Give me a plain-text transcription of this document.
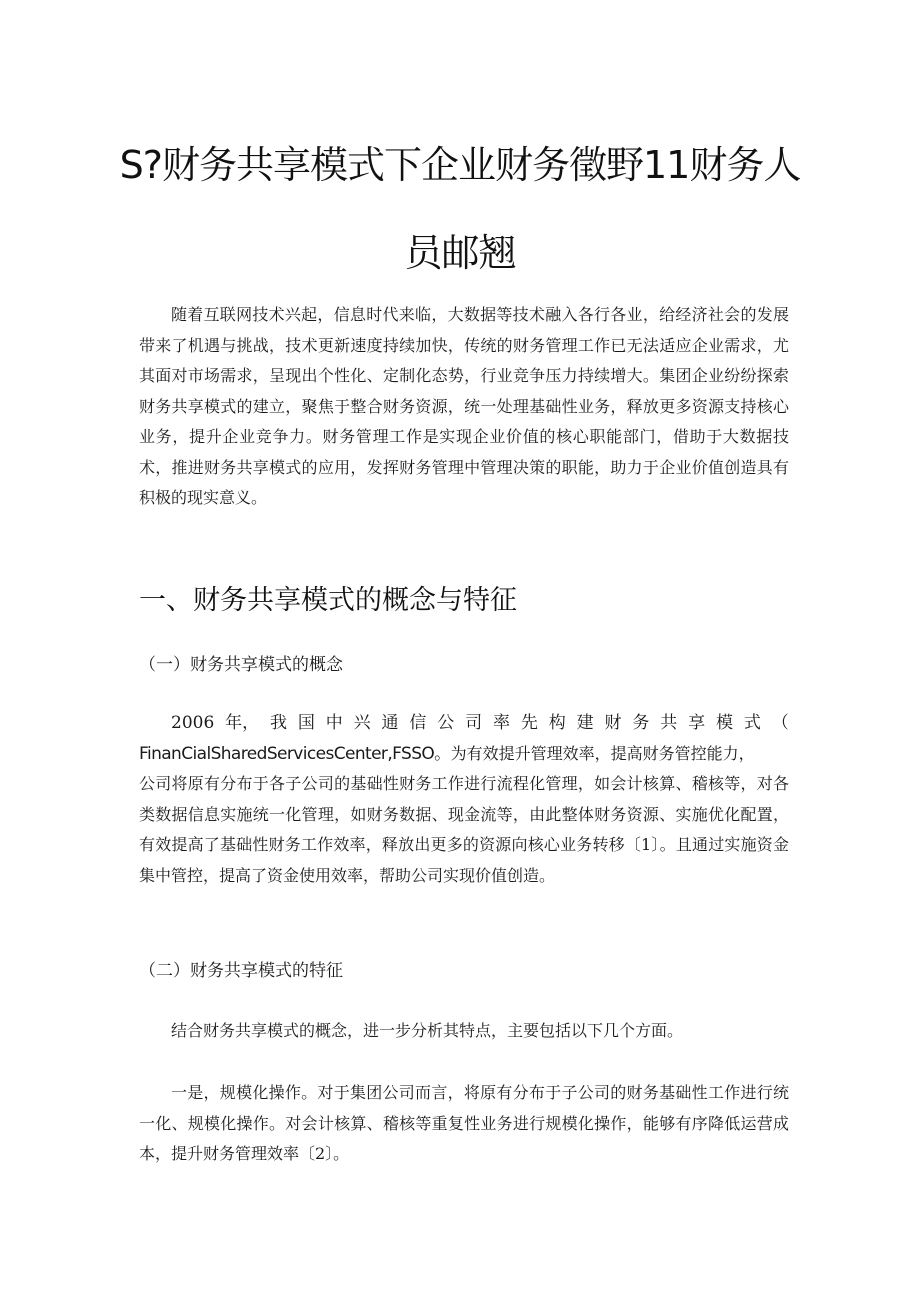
S?财务共享模式下企业财务徵野11财务人
员邮翘

随着互联网技术兴起，信息时代来临，大数据等技术融入各行各业，给经济社会的发展带来了机遇与挑战，技术更新速度持续加快，传统的财务管理工作已无法适应企业需求，尤其面对市场需求，呈现出个性化、定制化态势，行业竞争压力持续增大。集团企业纷纷探索财务共享模式的建立，聚焦于整合财务资源，统一处理基础性业务，释放更多资源支持核心业务，提升企业竞争力。财务管理工作是实现企业价值的核心职能部门，借助于大数据技术，推进财务共享模式的应用，发挥财务管理中管理决策的职能，助力于企业价值创造具有积极的现实意义。

一、财务共享模式的概念与特征
（一）财务共享模式的概念
2006 年， 我 国 中 兴 通 信 公 司 率 先 构 建 财 务 共 享 模 式 （
FinanCialSharedServicesCenter,FSSO。为有效提升管理效率，提高财务管控能力，
公司将原有分布于各子公司的基础性财务工作进行流程化管理，如会计核算、稽核等，对各类数据信息实施统一化管理，如财务数据、现金流等，由此整体财务资源、实施优化配置，有效提高了基础性财务工作效率，释放出更多的资源向核心业务转移〔1〕。且通过实施资金集中管控，提高了资金使用效率，帮助公司实现价值创造。
（二）财务共享模式的特征

结合财务共享模式的概念，进一步分析其特点，主要包括以下几个方面。

一是，规模化操作。对于集团公司而言，将原有分布于子公司的财务基础性工作进行统一化、规模化操作。对会计核算、稽核等重复性业务进行规模化操作，能够有序降低运营成本，提升财务管理效率〔2〕。
